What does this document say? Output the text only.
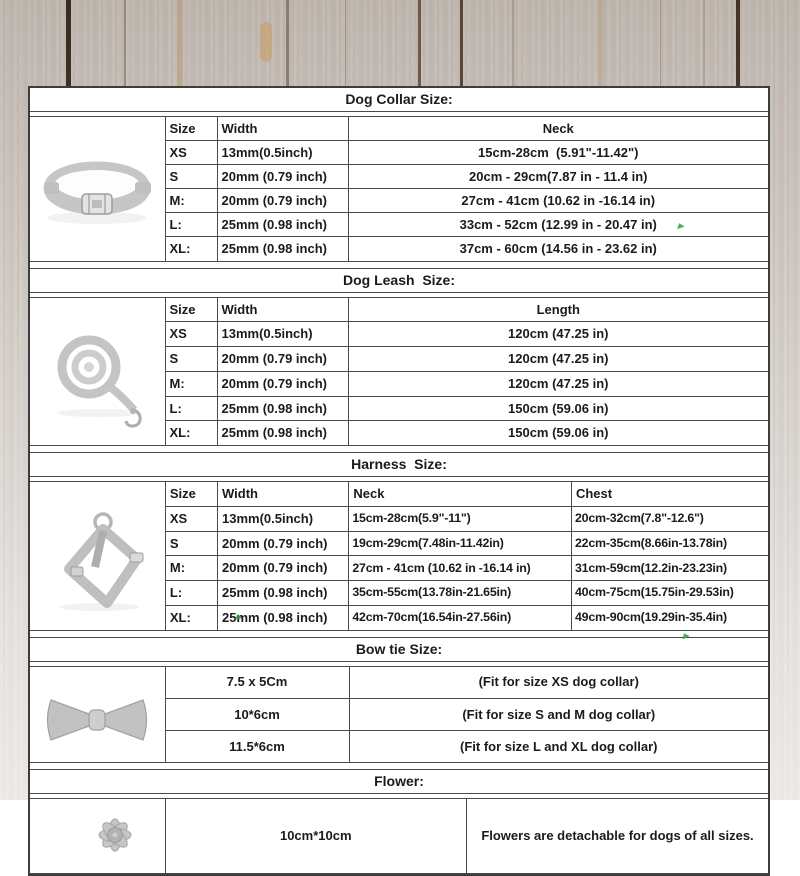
Dog Collar Size:

	Size	Width	Neck
	XS	13mm(0.5inch)	15cm-28cm  (5.91"-11.42")
	S	20mm (0.79 inch)	20cm - 29cm(7.87 in - 11.4 in)
	M:	20mm (0.79 inch)	27cm - 41cm (10.62 in -16.14 in)
	L:	25mm (0.98 inch)	33cm - 52cm (12.99 in - 20.47 in)
	XL:	25mm (0.98 inch)	37cm - 60cm (14.56 in - 23.62 in)
Dog Leash  Size:

	Size	Width	Length
	XS	13mm(0.5inch)	120cm (47.25 in)
	S	20mm (0.79 inch)	120cm (47.25 in)
	M:	20mm (0.79 inch)	120cm (47.25 in)
	L:	25mm (0.98 inch)	150cm (59.06 in)
	XL:	25mm (0.98 inch)	150cm (59.06 in)
Harness  Size:

	Size	Width	Neck	Chest
	XS	13mm(0.5inch)	15cm-28cm(5.9"-11")	20cm-32cm(7.8"-12.6")
	S	20mm (0.79 inch)	19cm-29cm(7.48in-11.42in)	22cm-35cm(8.66in-13.78in)
	M:	20mm (0.79 inch)	27cm - 41cm (10.62 in -16.14 in)	31cm-59cm(12.2in-23.23in)
	L:	25mm (0.98 inch)	35cm-55cm(13.78in-21.65in)	40cm-75cm(15.75in-29.53in)
	XL:	25mm (0.98 inch)	42cm-70cm(16.54in-27.56in)	49cm-90cm(19.29in-35.4in)
Bow tie Size:

	7.5 x 5Cm	(Fit for size XS dog collar)
	10*6cm	(Fit for size S and M dog collar)
	11.5*6cm	(Fit for size L and XL dog collar)
Flower:

	10cm*10cm	Flowers are detachable for dogs of all sizes.
